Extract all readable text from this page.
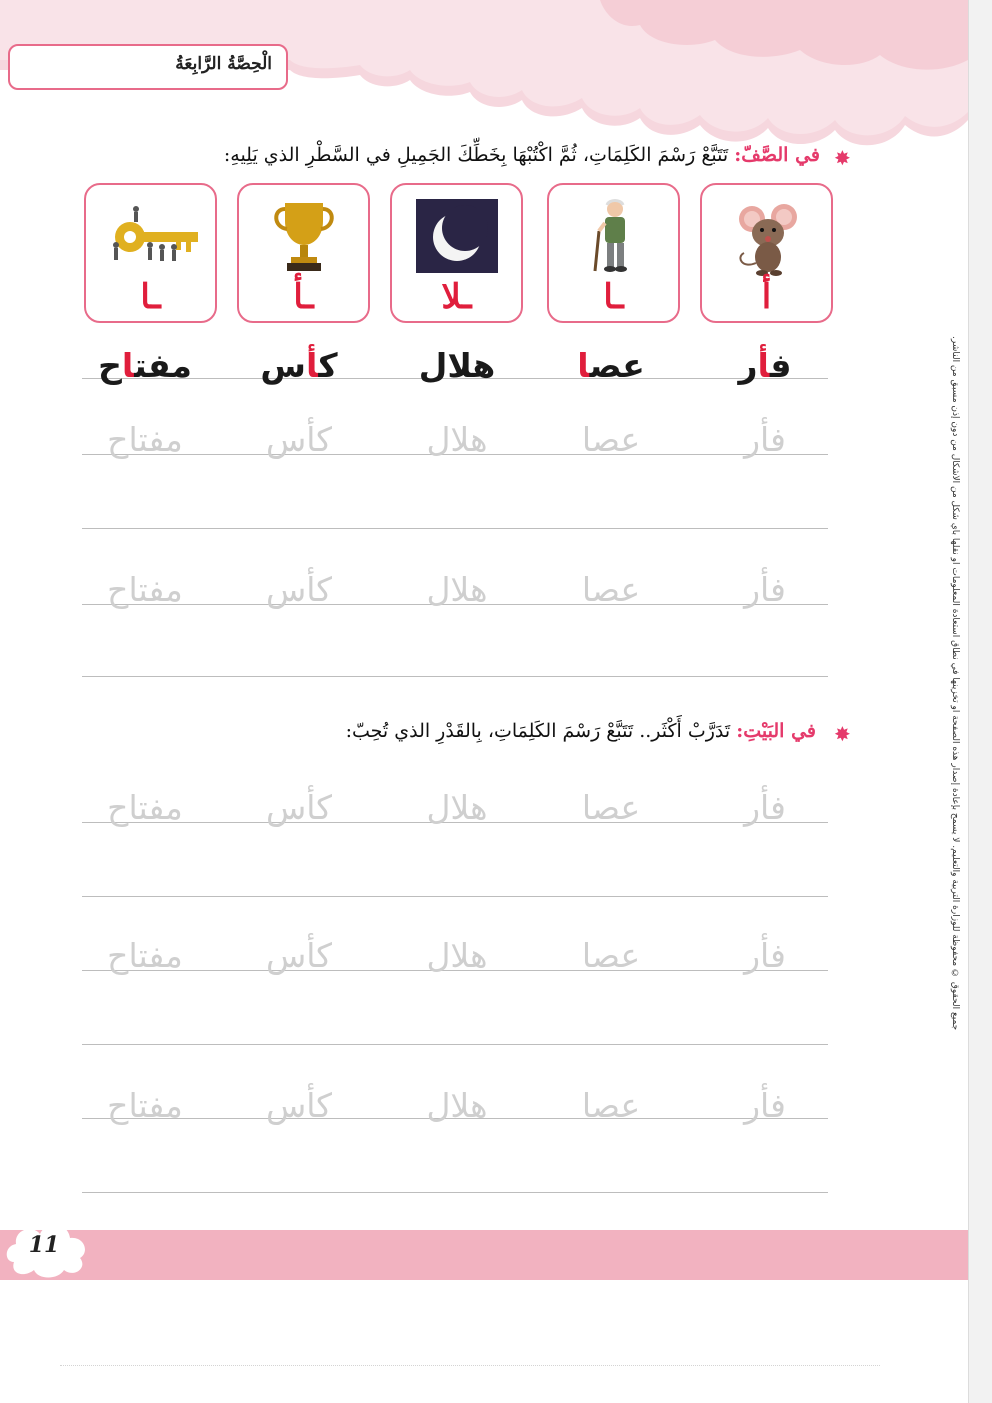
الْحِصَّةُ الرَّابِعَةُ
جميع الحقوق © محفوظة للوزارة التربية والتعليم. لا يسمح بإعادة إصدار هذه الصفحة أو تخزينها في نطاق استعادة المعلومات أو نقلها بأي شكل من الأشكال من دون إذن مسبق من الناشر.
✸
في الصَّفّ: تَتَبَّعْ رَسْمَ الكَلِمَاتِ، ثُمَّ اكْتُبْهَا بِخَطِّكَ الجَمِيلِ في السَّطْرِ الذي يَلِيهِ:
أ
ـا
ـلا
ـأ
ـا
فأر
عصا
هلال
كأس
مفتاح
فأر
عصا
هلال
كأس
مفتاح
فأر
عصا
هلال
كأس
مفتاح
✸
في البَيْتِ: تَدَرَّبْ أَكْثَر.. تَتَبَّعْ رَسْمَ الكَلِمَاتِ، بِالقَدْرِ الذي تُحِبّ:
فأر
عصا
هلال
كأس
مفتاح
فأر
عصا
هلال
كأس
مفتاح
فأر
عصا
هلال
كأس
مفتاح
11
